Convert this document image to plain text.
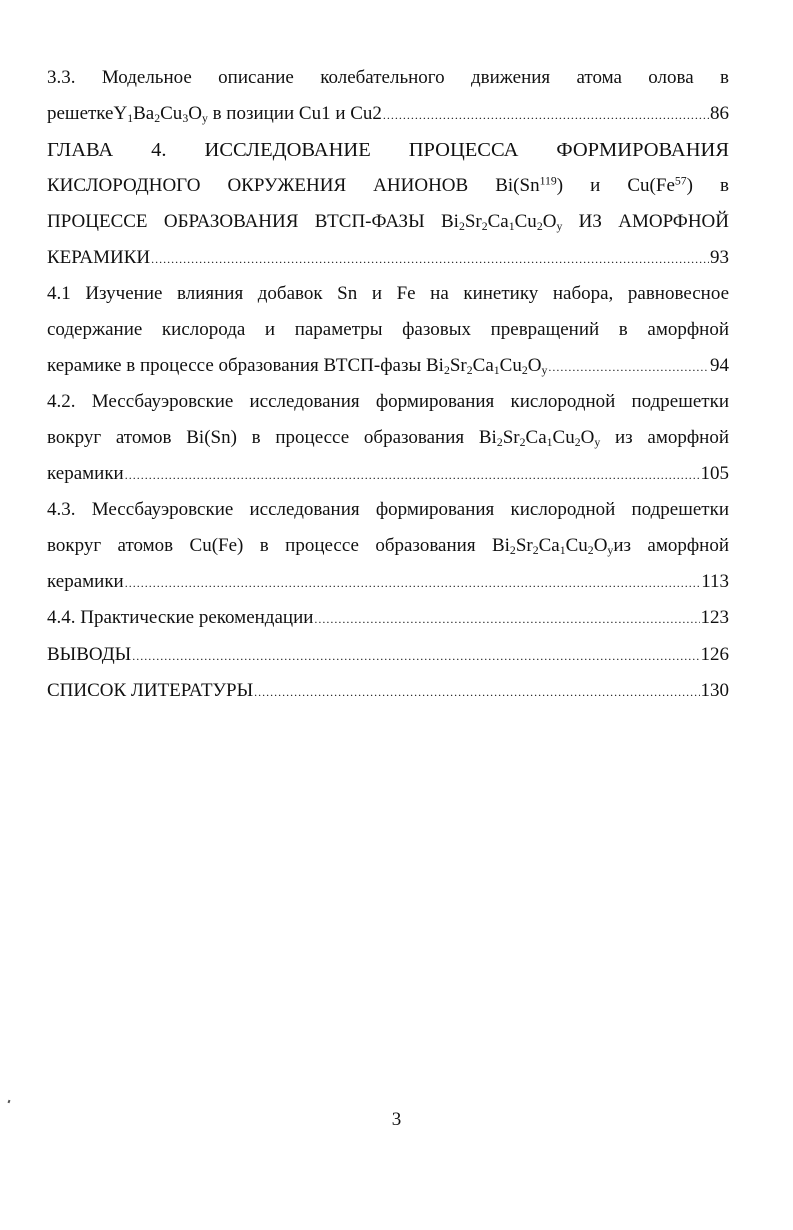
3.3. Модельное описание колебательного движения атома олова в
$решеткеY_1Ba_2Cu_3O_y$ в позиции Cu1 и Cu2 .....	86
ГЛАВА 4. ИССЛЕДОВАНИЕ ПРОЦЕССА ФОРМИРОВАНИЯ
КИСЛОРОДНОГО ОКРУЖЕНИЯ АНИОНОВ Bi(Sn$^{119}$) и Cu(Fe$^{57}$) в
ПРОЦЕССЕ ОБРАЗОВАНИЯ ВТСП-ФАЗЫ $Bi_2Sr_2Ca_1Cu_2O_y$ ИЗ АМОРФНОЙ
КЕРАМИКИ .....	93
4.1 Изучение влияния добавок Sn и Fe на кинетику набора, равновесное
содержание кислорода и параметры фазовых превращений в аморфной
керамике в процессе образования ВТСП-фазы $Bi_2Sr_2Ca_1Cu_2O_y$ .....	94
4.2. Мессбауэровские исследования формирования кислородной подрешетки
вокруг атомов Bi(Sn) в процессе образования $Bi_2Sr_2Ca_1Cu_2O_y$ из аморфной
керамики .....	105
4.3. Мессбауэровские исследования формирования кислородной подрешетки
вокруг атомов Cu(Fe) в процессе образования $Bi_2Sr_2Ca_1Cu_2O_yиз$ аморфной
керамики .....	113
4.4. Практические рекомендации .....	123
ВЫВОДЫ .....	126
СПИСОК ЛИТЕРАТУРЫ .....	130
3
